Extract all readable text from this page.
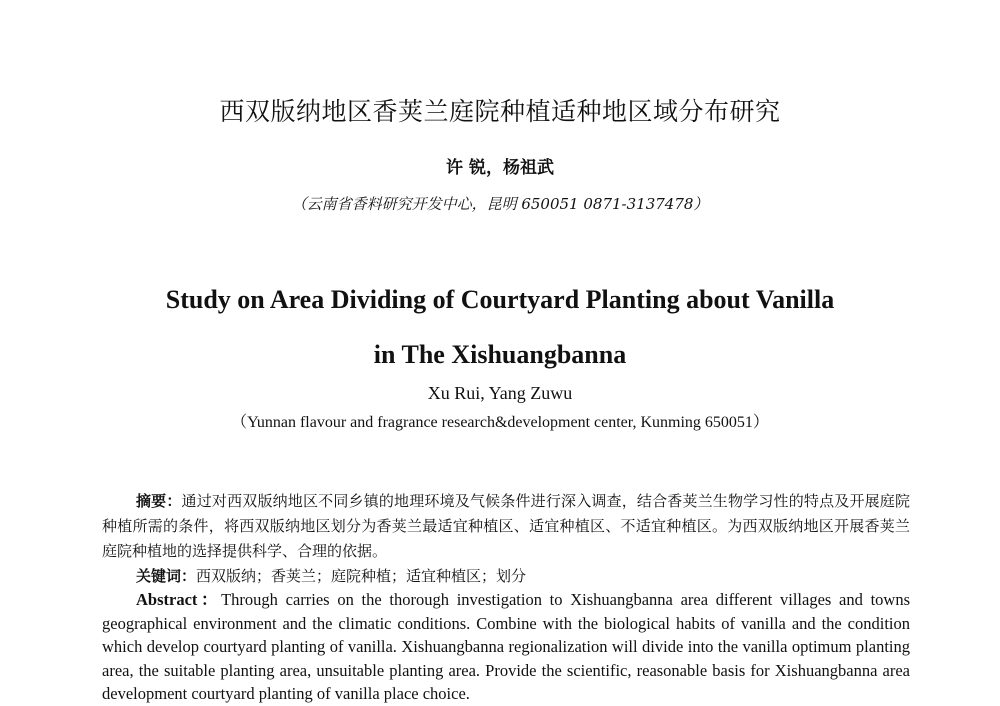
西双版纳地区香荚兰庭院种植适种地区域分布研究
许 锐，杨祖武
（云南省香料研究开发中心，昆明 650051 0871-3137478）
Study on Area Dividing of Courtyard Planting about Vanilla
in The Xishuangbanna
Xu Rui, Yang Zuwu
（Yunnan flavour and fragrance research&development center, Kunming 650051）

摘要：通过对西双版纳地区不同乡镇的地理环境及气候条件进行深入调查，结合香荚兰生物学习性的特点及开展庭院种植所需的条件，将西双版纳地区划分为香荚兰最适宜种植区、适宜种植区、不适宜种植区。为西双版纳地区开展香荚兰庭院种植地的选择提供科学、合理的依据。

关键词：西双版纳；香荚兰；庭院种植；适宜种植区；划分

Abstract：Through carries on the thorough investigation to Xishuangbanna area different villages and towns geographical environment and the climatic conditions. Combine with the biological habits of vanilla and the condition which develop courtyard planting of vanilla. Xishuangbanna regionalization will divide into the vanilla optimum planting area, the suitable planting area, unsuitable planting area. Provide the scientific, reasonable basis for Xishuangbanna area development courtyard planting of vanilla place choice.
